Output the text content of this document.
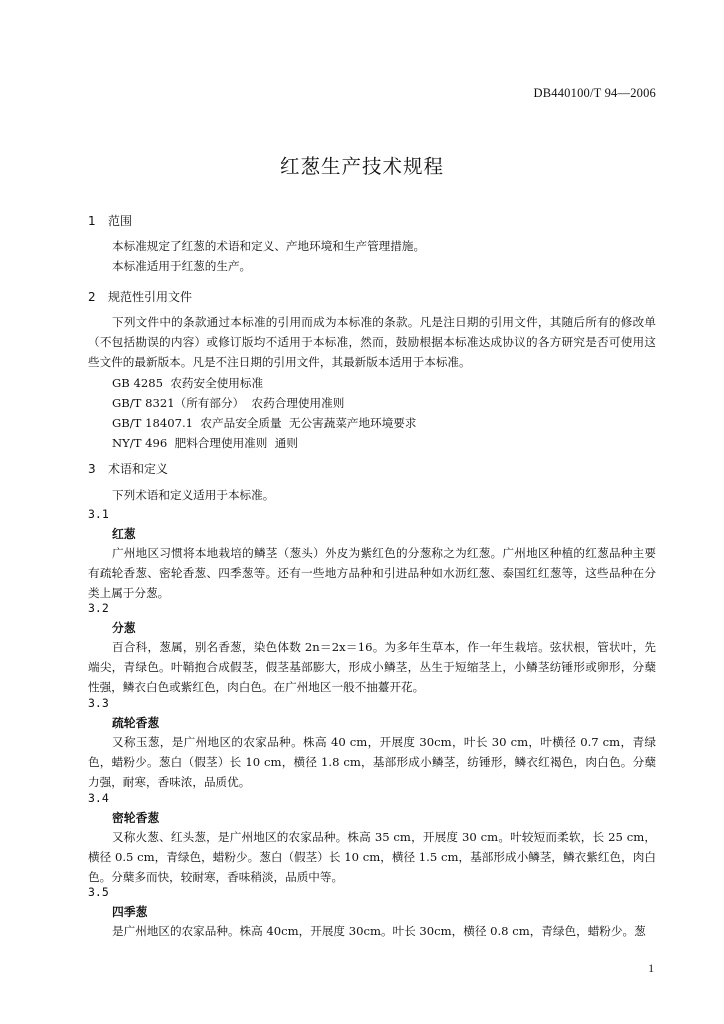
DB440100/T 94—2006
红葱生产技术规程
1 范围
本标准规定了红葱的术语和定义、产地环境和生产管理措施。
本标准适用于红葱的生产。
2 规范性引用文件
下列文件中的条款通过本标准的引用而成为本标准的条款。凡是注日期的引用文件，其随后所有的修改单（不包括勘误的内容）或修订版均不适用于本标准，然而，鼓励根据本标准达成协议的各方研究是否可使用这些文件的最新版本。凡是不注日期的引用文件，其最新版本适用于本标准。
GB 4285  农药安全使用标准
GB/T 8321（所有部分）  农药合理使用准则
GB/T 18407.1  农产品安全质量  无公害蔬菜产地环境要求
NY/T 496  肥料合理使用准则  通则
3 术语和定义
下列术语和定义适用于本标准。
3.1
红葱
广州地区习惯将本地栽培的鳞茎（葱头）外皮为紫红色的分葱称之为红葱。广州地区种植的红葱品种主要有疏轮香葱、密轮香葱、四季葱等。还有一些地方品种和引进品种如水沥红葱、泰国红红葱等，这些品种在分类上属于分葱。
3.2
分葱
百合科，葱属，别名香葱，染色体数 2n＝2x＝16。为多年生草本，作一年生栽培。弦状根，管状叶，先端尖，青绿色。叶鞘抱合成假茎，假茎基部膨大，形成小鳞茎，丛生于短缩茎上，小鳞茎纺锤形或卵形，分蘖性强，鳞衣白色或紫红色，肉白色。在广州地区一般不抽薹开花。
3.3
疏轮香葱
又称玉葱，是广州地区的农家品种。株高 40 cm，开展度 30cm，叶长 30 cm，叶横径 0.7 cm，青绿色，蜡粉少。葱白（假茎）长 10 cm，横径 1.8 cm，基部形成小鳞茎，纺锤形，鳞衣红褐色，肉白色。分蘖力强，耐寒，香味浓，品质优。
3.4
密轮香葱
又称火葱、红头葱，是广州地区的农家品种。株高 35 cm，开展度 30 cm。叶较短而柔软，长 25 cm，横径 0.5 cm，青绿色，蜡粉少。葱白（假茎）长 10 cm，横径 1.5 cm，基部形成小鳞茎，鳞衣紫红色，肉白色。分蘖多而快，较耐寒，香味稍淡，品质中等。
3.5
四季葱
是广州地区的农家品种。株高 40cm，开展度 30cm。叶长 30cm，横径 0.8 cm，青绿色，蜡粉少。葱
1
